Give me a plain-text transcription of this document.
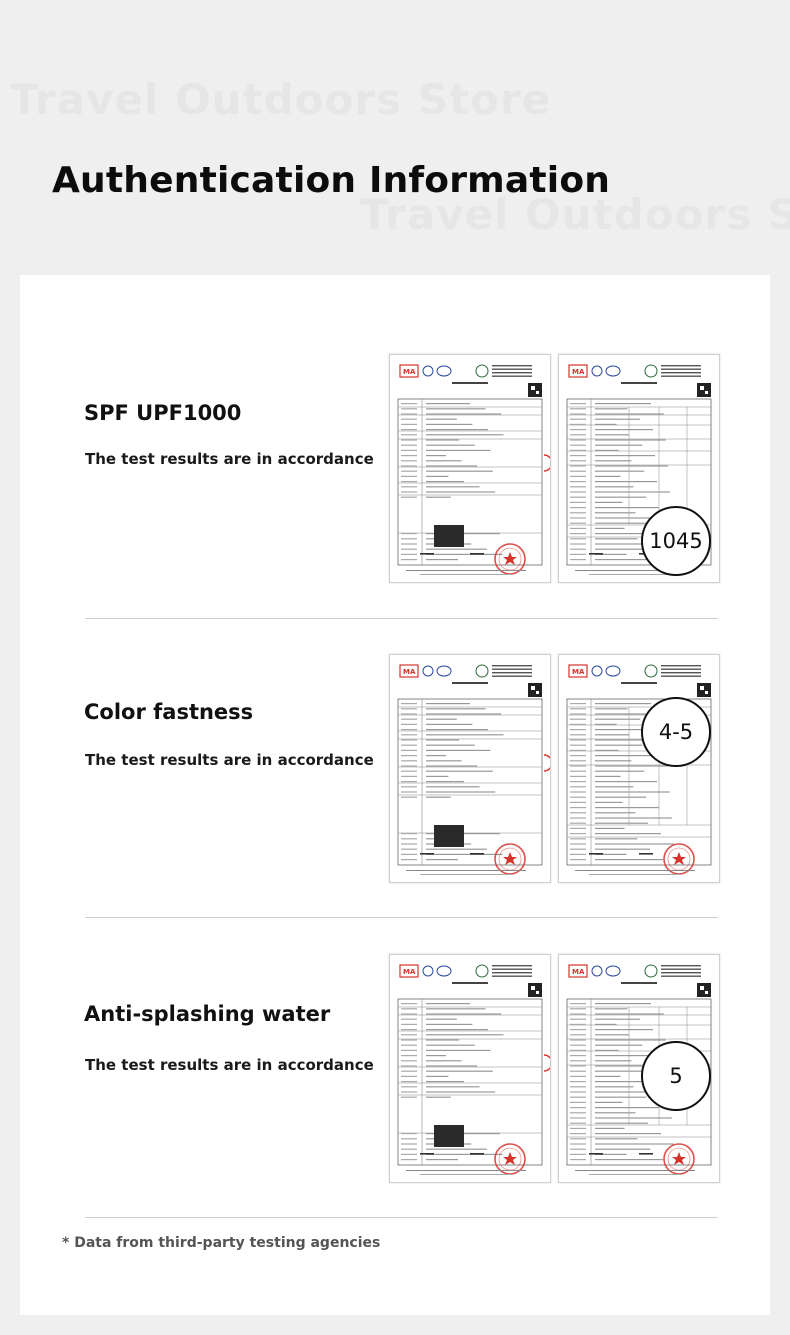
Authentication Information
SPF UPF1000

The test results are in accordance

MA	MA
1045
Color fastness

The test results are in accordance

MA	MA
4-5
Anti-splashing water

The test results are in accordance

MA	MA
5

* Data from third-party testing agencies
